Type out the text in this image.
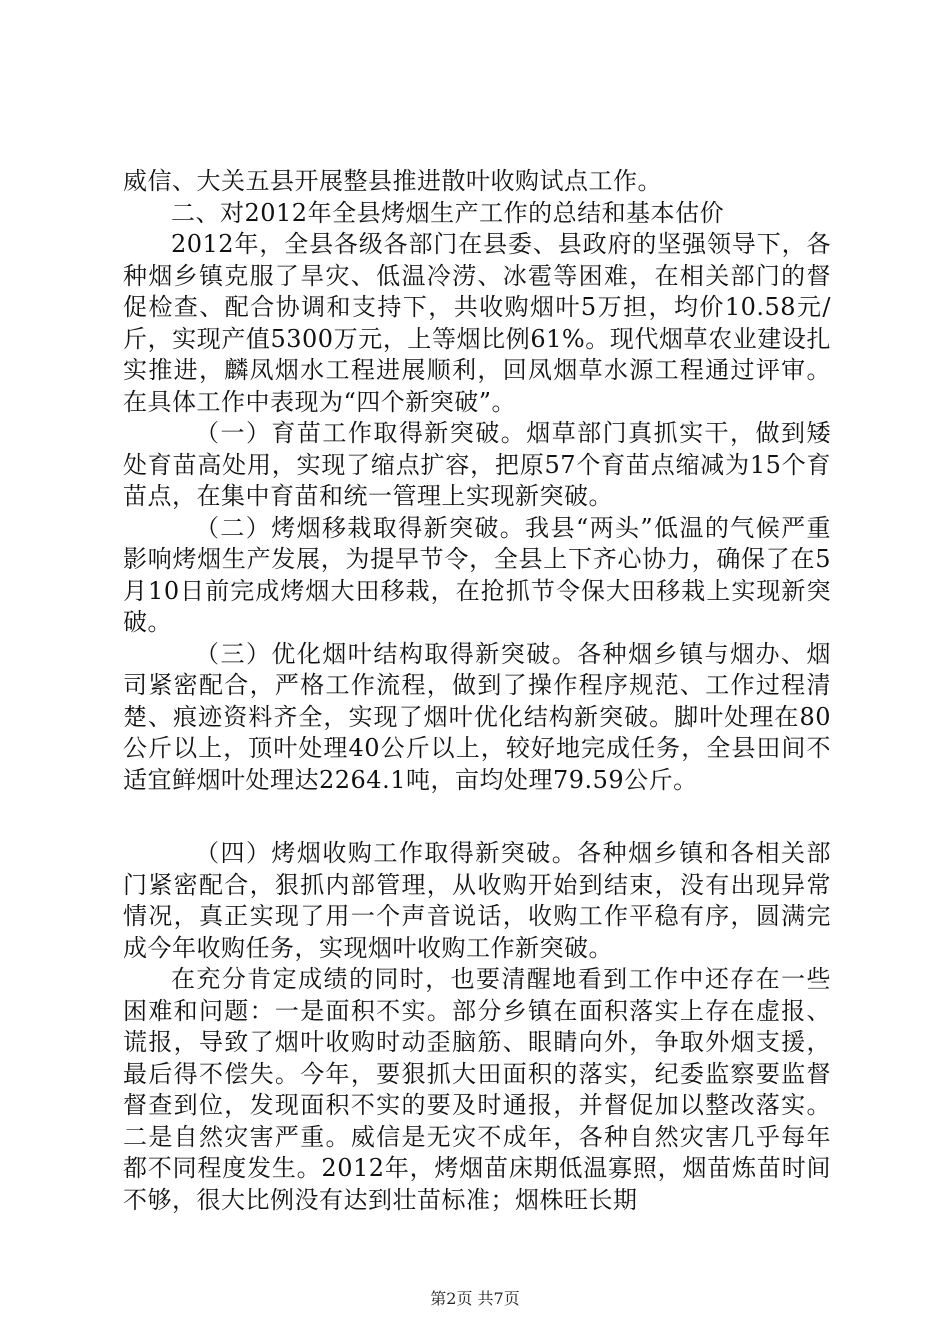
威信、大关五县开展整县推进散叶收购试点工作。

二、对2012年全县烤烟生产工作的总结和基本估价

2012年，全县各级各部门在县委、县政府的坚强领导下，各种烟乡镇克服了旱灾、低温冷涝、冰雹等困难，在相关部门的督促检查、配合协调和支持下，共收购烟叶5万担，均价10.58元/斤，实现产值5300万元，上等烟比例61%。现代烟草农业建设扎实推进，麟凤烟水工程进展顺利，回凤烟草水源工程通过评审。在具体工作中表现为“四个新突破”。

（一）育苗工作取得新突破。烟草部门真抓实干，做到矮处育苗高处用，实现了缩点扩容，把原57个育苗点缩减为15个育苗点，在集中育苗和统一管理上实现新突破。

（二）烤烟移栽取得新突破。我县“两头”低温的气候严重影响烤烟生产发展，为提早节令，全县上下齐心协力，确保了在5月10日前完成烤烟大田移栽，在抢抓节令保大田移栽上实现新突破。

（三）优化烟叶结构取得新突破。各种烟乡镇与烟办、烟司紧密配合，严格工作流程，做到了操作程序规范、工作过程清楚、痕迹资料齐全，实现了烟叶优化结构新突破。脚叶处理在80公斤以上，顶叶处理40公斤以上，较好地完成任务，全县田间不适宜鲜烟叶处理达2264.1吨，亩均处理79.59公斤。

（四）烤烟收购工作取得新突破。各种烟乡镇和各相关部门紧密配合，狠抓内部管理，从收购开始到结束，没有出现异常情况，真正实现了用一个声音说话，收购工作平稳有序，圆满完成今年收购任务，实现烟叶收购工作新突破。

在充分肯定成绩的同时，也要清醒地看到工作中还存在一些困难和问题：一是面积不实。部分乡镇在面积落实上存在虚报、谎报，导致了烟叶收购时动歪脑筋、眼睛向外，争取外烟支援，最后得不偿失。今年，要狠抓大田面积的落实，纪委监察要监督督查到位，发现面积不实的要及时通报，并督促加以整改落实。二是自然灾害严重。威信是无灾不成年，各种自然灾害几乎每年都不同程度发生。2012年，烤烟苗床期低温寡照，烟苗炼苗时间不够，很大比例没有达到壮苗标准；烟株旺长期

第2页 共7页
